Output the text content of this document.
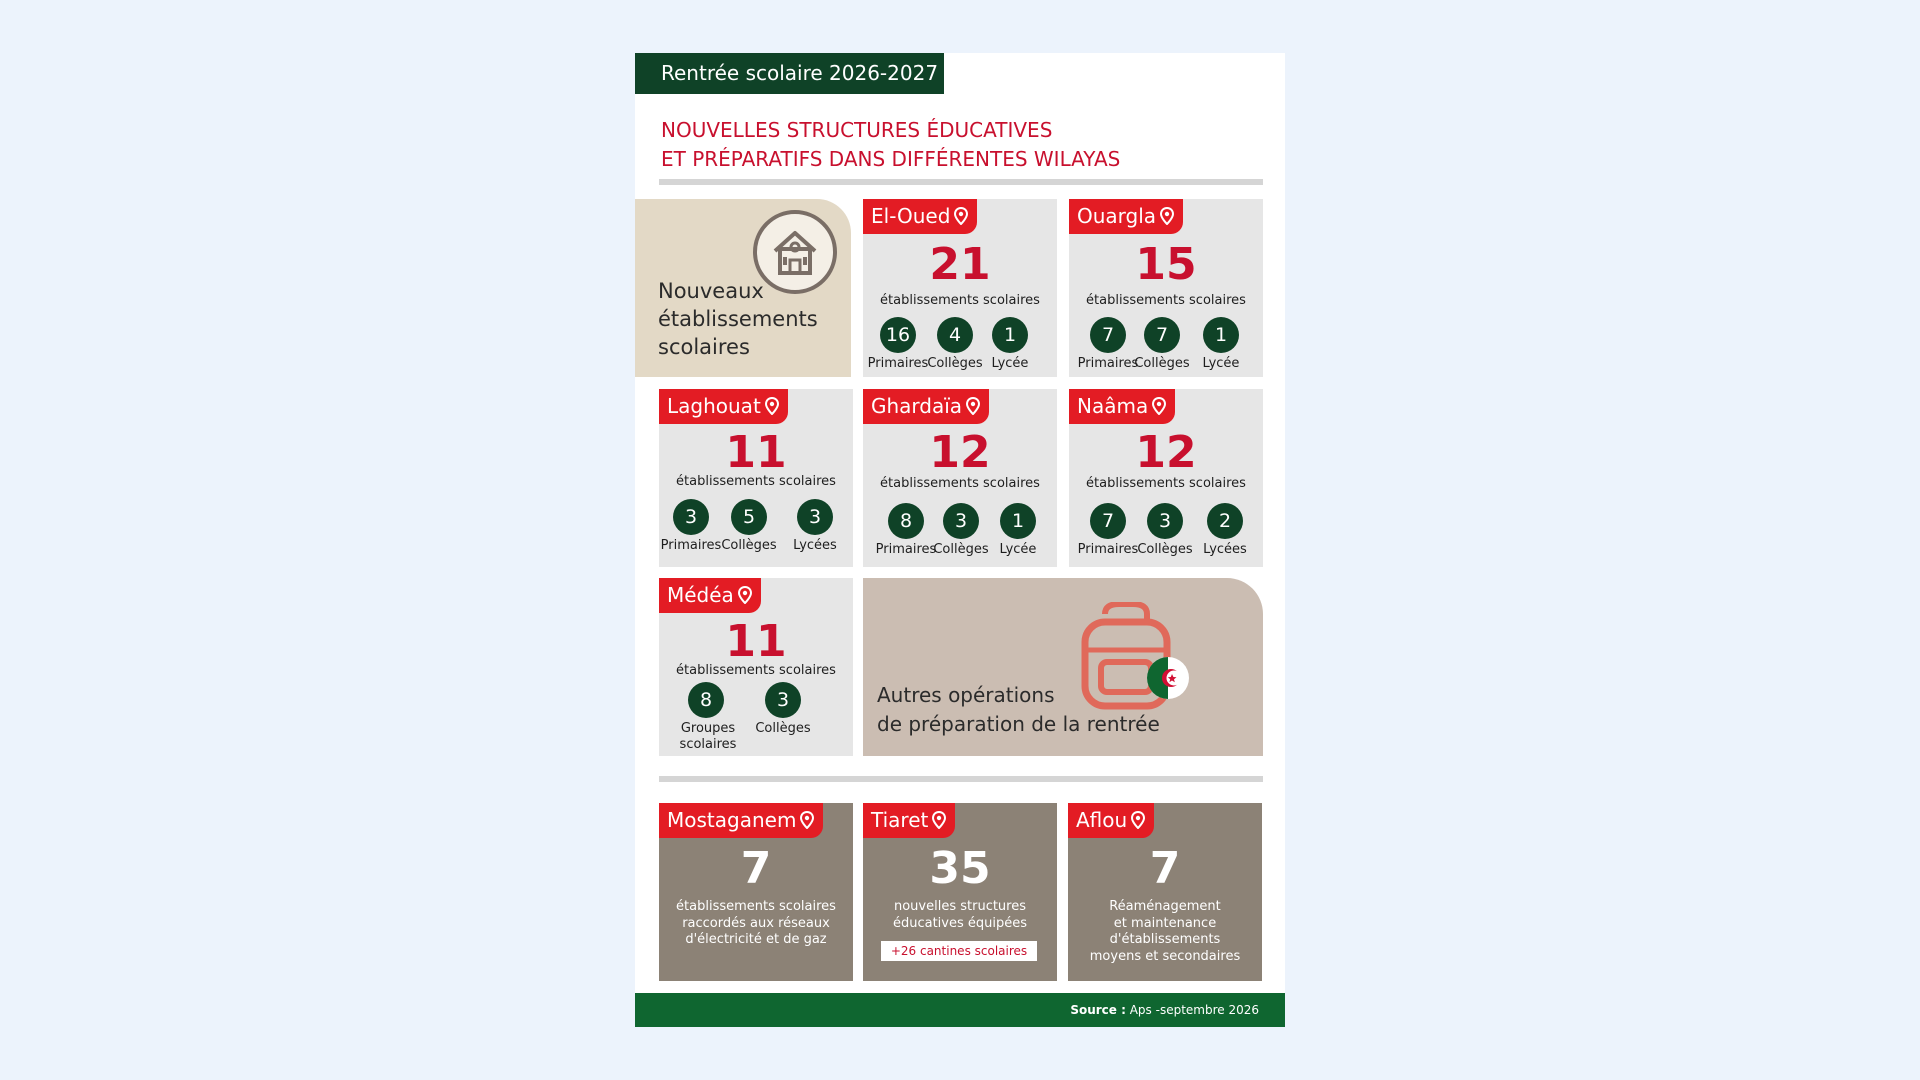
Rentrée scolaire 2026-2027
NOUVELLES STRUCTURES ÉDUCATIVES
ET PRÉPARATIFS DANS DIFFÉRENTES WILAYAS
Nouveaux
établissements
scolaires
El-Oued
21
établissements scolaires
16
Primaires
4
Collèges
1
Lycée
Ouargla
15
établissements scolaires
7
Primaires
7
Collèges
1
Lycée
Laghouat
11
établissements scolaires
3
Primaires
5
Collèges
3
Lycées
Ghardaïa
12
établissements scolaires
8
Primaires
3
Collèges
1
Lycée
Naâma
12
établissements scolaires
7
Primaires
3
Collèges
2
Lycées
Médéa
11
établissements scolaires
8
Groupes
scolaires
3
Collèges
Autres opérations
de préparation de la rentrée
Mostaganem
7
établissements scolaires
raccordés aux réseaux
d'électricité et de gaz
Tiaret
35
nouvelles structures
éducatives équipées
+26 cantines scolaires
Aflou
7
Réaménagement
et maintenance
d'établissements
moyens et secondaires
Source : Aps -septembre 2026
